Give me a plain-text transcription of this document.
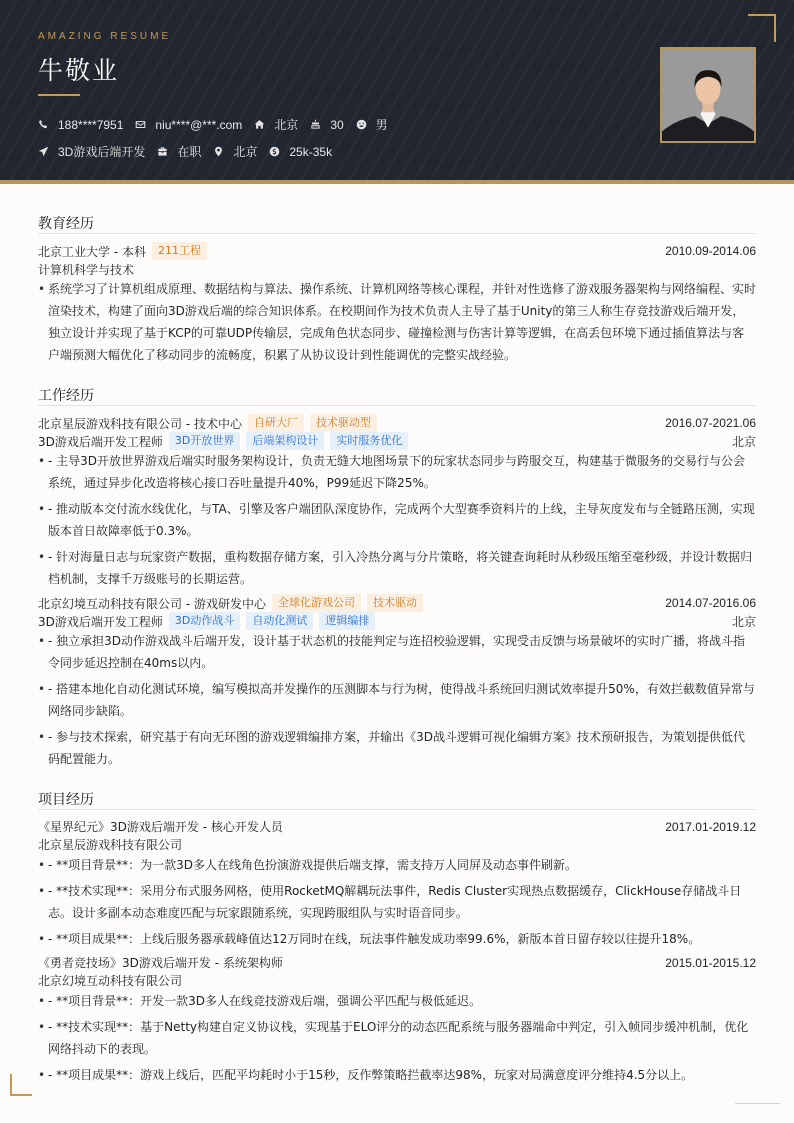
AMAZING RESUME
牛敬业
188****7951	niu****@***.com	北京	30	男
3D游戏后端开发	在职	北京	25k-35k
教育经历
北京工业大学 - 本科	211工程	2010.09-2014.06
计算机科学与技术
• 系统学习了计算机组成原理、数据结构与算法、操作系统、计算机网络等核心课程，并针对性选修了游戏服务器架构与网络编程、实时渲染技术，构建了面向3D游戏后端的综合知识体系。在校期间作为技术负责人主导了基于Unity的第三人称生存竞技游戏后端开发，独立设计并实现了基于KCP的可靠UDP传输层，完成角色状态同步、碰撞检测与伤害计算等逻辑，在高丢包环境下通过插值算法与客户端预测大幅优化了移动同步的流畅度，积累了从协议设计到性能调优的完整实战经验。
工作经历
北京星辰游戏科技有限公司 - 技术中心	自研大厂	技术驱动型	2016.07-2021.06
3D游戏后端开发工程师	3D开放世界	后端架构设计	实时服务优化	北京
• - 主导3D开放世界游戏后端实时服务架构设计，负责无缝大地图场景下的玩家状态同步与跨服交互，构建基于微服务的交易行与公会系统，通过异步化改造将核心接口吞吐量提升40%，P99延迟下降25%。
• - 推动版本交付流水线优化，与TA、引擎及客户端团队深度协作，完成两个大型赛季资料片的上线，主导灰度发布与全链路压测，实现版本首日故障率低于0.3%。
• - 针对海量日志与玩家资产数据，重构数据存储方案，引入冷热分离与分片策略，将关键查询耗时从秒级压缩至毫秒级，并设计数据归档机制，支撑千万级账号的长期运营。
北京幻境互动科技有限公司 - 游戏研发中心	全球化游戏公司	技术驱动	2014.07-2016.06
3D游戏后端开发工程师	3D动作战斗	自动化测试	逻辑编排	北京
• - 独立承担3D动作游戏战斗后端开发，设计基于状态机的技能判定与连招校验逻辑，实现受击反馈与场景破坏的实时广播，将战斗指令同步延迟控制在40ms以内。
• - 搭建本地化自动化测试环境，编写模拟高并发操作的压测脚本与行为树，使得战斗系统回归测试效率提升50%，有效拦截数值异常与网络同步缺陷。
• - 参与技术探索，研究基于有向无环图的游戏逻辑编排方案，并输出《3D战斗逻辑可视化编辑方案》技术预研报告，为策划提供低代码配置能力。
项目经历
《星界纪元》3D游戏后端开发 - 核心开发人员	2017.01-2019.12
北京星辰游戏科技有限公司
• - **项目背景**：为一款3D多人在线角色扮演游戏提供后端支撑，需支持万人同屏及动态事件刷新。
• - **技术实现**：采用分布式服务网格，使用RocketMQ解耦玩法事件，Redis Cluster实现热点数据缓存，ClickHouse存储战斗日志。设计多副本动态难度匹配与玩家跟随系统，实现跨服组队与实时语音同步。
• - **项目成果**：上线后服务器承载峰值达12万同时在线，玩法事件触发成功率99.6%，新版本首日留存较以往提升18%。
《勇者竞技场》3D游戏后端开发 - 系统架构师	2015.01-2015.12
北京幻境互动科技有限公司
• - **项目背景**：开发一款3D多人在线竞技游戏后端，强调公平匹配与极低延迟。
• - **技术实现**：基于Netty构建自定义协议栈，实现基于ELO评分的动态匹配系统与服务器端命中判定，引入帧同步缓冲机制，优化网络抖动下的表现。
• - **项目成果**：游戏上线后，匹配平均耗时小于15秒，反作弊策略拦截率达98%，玩家对局满意度评分维持4.5分以上。
